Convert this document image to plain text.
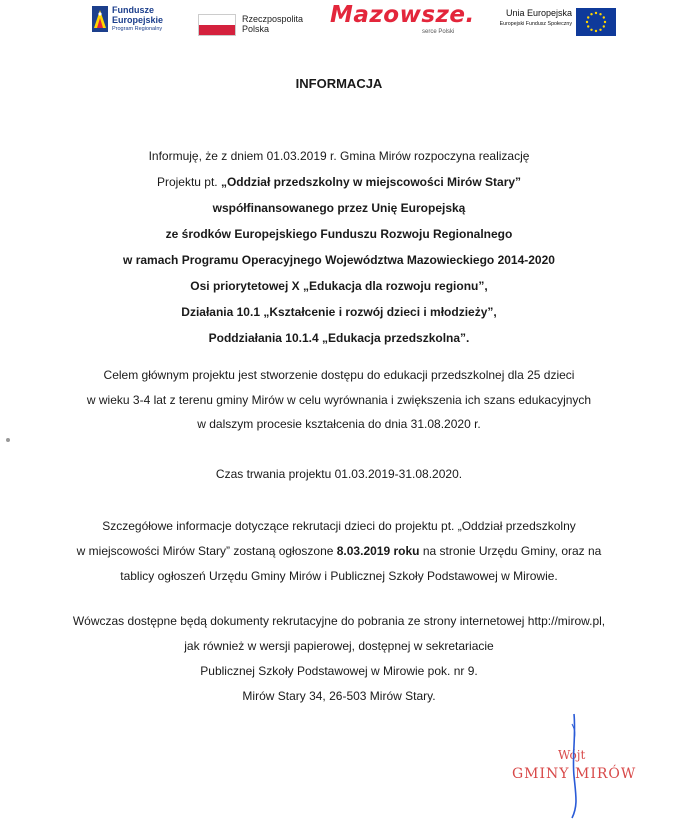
Fundusze
Europejskie
Program Regionalny
Rzeczpospolita
Polska
Mazowsze.
serce Polski
Unia Europejska
Europejski Fundusz Społeczny
INFORMACJA
Informuję, że z dniem 01.03.2019 r. Gmina Mirów rozpoczyna realizację
Projektu pt. „Oddział przedszkolny w miejscowości Mirów Stary”
współfinansowanego przez Unię Europejską
ze środków Europejskiego Funduszu Rozwoju Regionalnego
w ramach Programu Operacyjnego Województwa Mazowieckiego 2014-2020
Osi priorytetowej X „Edukacja dla rozwoju regionu”,
Działania 10.1 „Kształcenie i rozwój dzieci i młodzieży”,
Poddziałania 10.1.4 „Edukacja przedszkolna”.
Celem głównym projektu jest stworzenie dostępu do edukacji przedszkolnej dla 25 dzieci
w wieku 3-4 lat z terenu gminy Mirów w celu wyrównania i zwiększenia ich szans edukacyjnych
w dalszym procesie kształcenia do dnia 31.08.2020 r.
Czas trwania projektu 01.03.2019-31.08.2020.
Szczegółowe informacje dotyczące rekrutacji dzieci do projektu pt. „Oddział przedszkolny
w miejscowości Mirów Stary” zostaną ogłoszone 8.03.2019 roku na stronie Urzędu Gminy, oraz na
tablicy ogłoszeń Urzędu Gminy Mirów i Publicznej Szkoły Podstawowej w Mirowie.
Wówczas dostępne będą dokumenty rekrutacyjne do pobrania ze strony internetowej http://mirow.pl,
jak również w wersji papierowej, dostępnej w sekretariacie
Publicznej Szkoły Podstawowej w Mirowie pok. nr 9.
Mirów Stary 34, 26-503 Mirów Stary.
Wójt
GMINY MIRÓW
